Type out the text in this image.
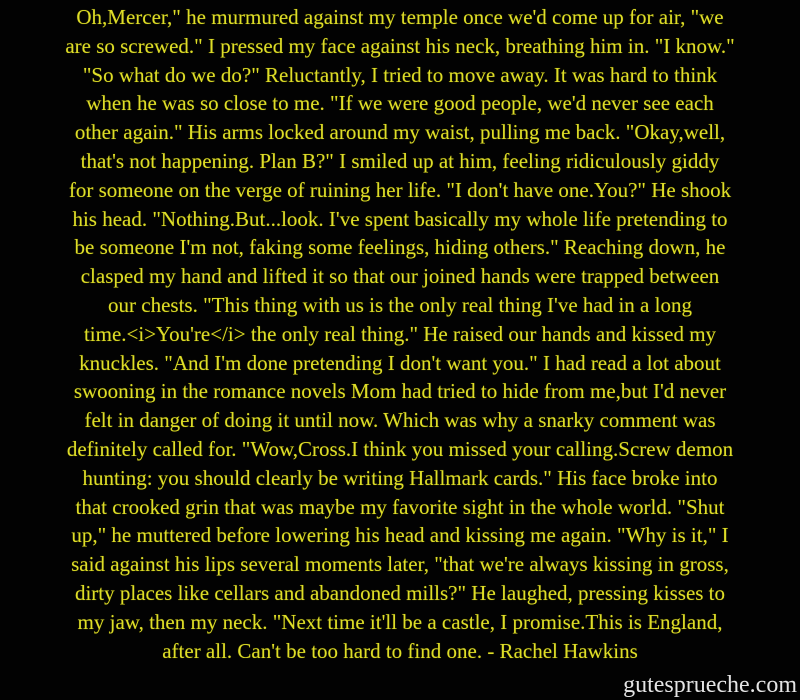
Oh,Mercer," he murmured against my temple once we'd come up for air, "we
are so screwed." I pressed my face against his neck, breathing him in. "I know."
"So what do we do?" Reluctantly, I tried to move away. It was hard to think
when he was so close to me. "If we were good people, we'd never see each
other again." His arms locked around my waist, pulling me back. "Okay,well,
that's not happening. Plan B?" I smiled up at him, feeling ridiculously giddy
for someone on the verge of ruining her life. "I don't have one.You?" He shook
his head. "Nothing.But...look. I've spent basically my whole life pretending to
be someone I'm not, faking some feelings, hiding others." Reaching down, he
clasped my hand and lifted it so that our joined hands were trapped between
our chests. "This thing with us is the only real thing I've had in a long
time.<i>You're</i> the only real thing." He raised our hands and kissed my
knuckles. "And I'm done pretending I don't want you." I had read a lot about
swooning in the romance novels Mom had tried to hide from me,but I'd never
felt in danger of doing it until now. Which was why a snarky comment was
definitely called for. "Wow,Cross.I think you missed your calling.Screw demon
hunting: you should clearly be writing Hallmark cards." His face broke into
that crooked grin that was maybe my favorite sight in the whole world. "Shut
up," he muttered before lowering his head and kissing me again. "Why is it," I
said against his lips several moments later, "that we're always kissing in gross,
dirty places like cellars and abandoned mills?" He laughed, pressing kisses to
my jaw, then my neck. "Next time it'll be a castle, I promise.This is England,
after all. Can't be too hard to find one. - Rachel Hawkins
gutesprueche.com
